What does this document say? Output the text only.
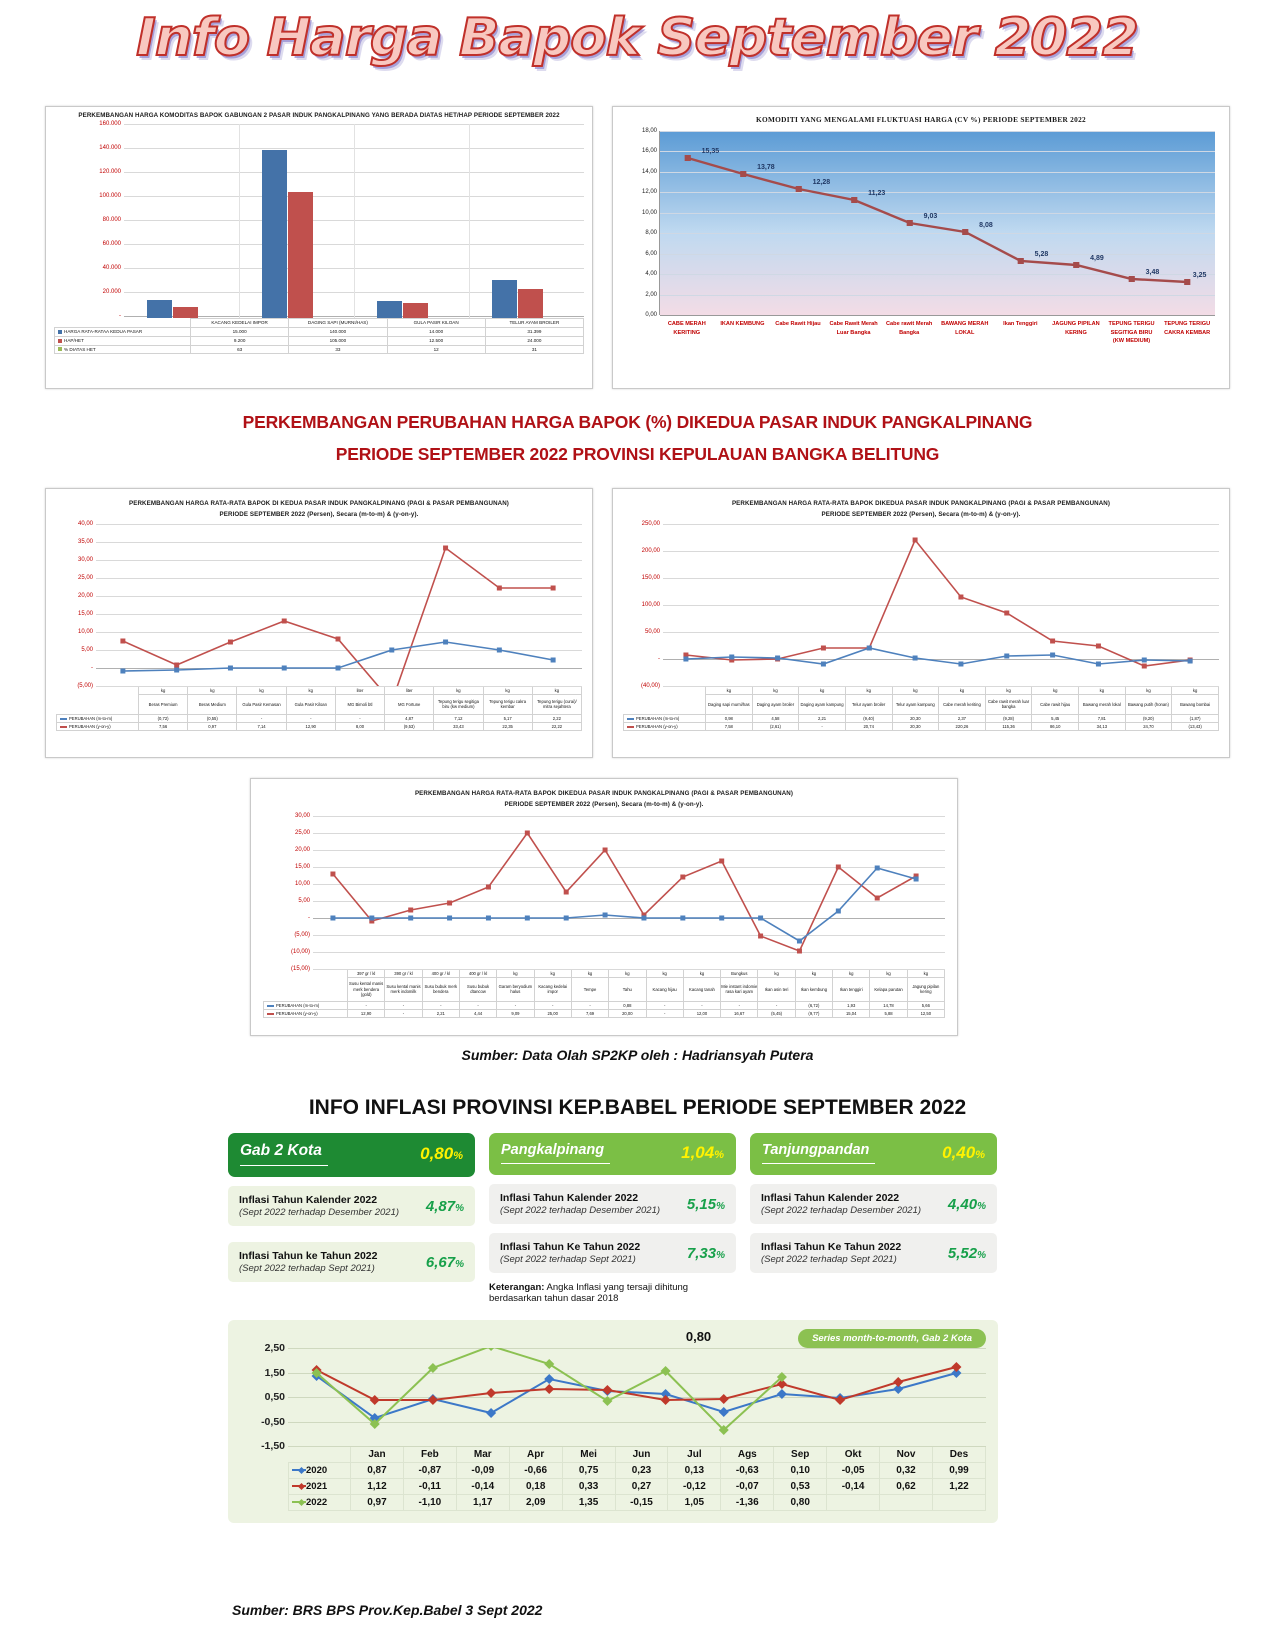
Info Harga Bapok September 2022
PERKEMBANGAN HARGA KOMODITAS BAPOK GABUNGAN 2 PASAR INDUK PANGKALPINANG YANG BERADA DIATAS HET/HAP PERIODE SEPTEMBER 2022
160.000
140.000
120.000
100.000
80.000
60.000
40.000
20.000
-
	KACANG KEDELAI IMPOR	DAGING SAPI (MURNI/HAS)	GULA PASIR KILOAN	TELUR AYAM BROILER
HARGA RATA-RATAA KEDUA PASAR	15.000	140.000	14.000	31.399
HAP/HET	9.200	105.000	12.500	24.000
% DIATAS HET	63	33	12	31
KOMODITI YANG MENGALAMI FLUKTUASI HARGA (CV %) PERIODE SEPTEMBER 2022
18,00
16,00
14,00
12,00
10,00
8,00
6,00
4,00
2,00
0,00
15,35
13,78
12,28
11,23
9,03
8,08
5,28
4,89
3,48	3,25
CABE MERAH KERITING
IKAN KEMBUNG	Cabe Rawit Hijau	Cabe Rawit Merah Luar Bangka
Cabe rawit Merah Bangka
BAWANG MERAH LOKAL
Ikan Tenggiri	JAGUNG PIPILAN KERING
TEPUNG TERIGU SEGITIGA BIRU (KW MEDIUM)
TEPUNG TERIGU CAKRA KEMBAR
PERKEMBANGAN PERUBAHAN HARGA BAPOK (%) DIKEDUA PASAR INDUK PANGKALPINANG
PERIODE SEPTEMBER 2022 PROVINSI KEPULAUAN BANGKA BELITUNG
PERKEMBANGAN HARGA RATA-RATA BAPOK DI KEDUA PASAR INDUK PANGKALPINANG (PAGI & PASAR PEMBANGUNAN)
PERIODE SEPTEMBER 2022 (Persen), Secara (m-to-m) & (y-on-y).
40,00
35,00
30,00
25,00
20,00
15,00
10,00
5,00
-
(5,00)
	kg	kg	kg	kg	liter	liter	kg	kg	kg
	Beras Premium	Beras Medium	Gula Pasir Kemasan	Gula Pasir Kiloan	MG Bimoli btl	MG Fortune	Tepung terigu segitiga biru (kw medium)	Tepung terigu cakra kembar	Tepung terigu (curai)/ mitra sejahtera
PERUBAHAN (m-to-m)	(0,72)	(0,55)	-	-	-	4,87	7,12	5,17	2,22
PERUBAHAN (y-on-y)	7,56	0,97	7,14	12,90	8,00	(9,53)	33,43	22,35	22,22
PERKEMBANGAN HARGA RATA-RATA BAPOK DIKEDUA PASAR INDUK PANGKALPINANG (PAGI & PASAR PEMBANGUNAN)
PERIODE SEPTEMBER 2022 (Persen), Secara (m-to-m) & (y-on-y).
250,00
200,00
150,00
100,00
50,00
-
(40,00)
	kg	kg	kg	kg	kg	kg	kg	kg	kg	kg	kg
	Daging sapi murni/has	Daging ayam broiler	Daging ayam kampung	Telur ayam broiler	Telur ayam kampung	Cabe merah keriting	Cabe rawit merah luar bangka	Cabe rawit hijau	Bawang merah lokal	Bawang putih (honan)	Bawang bombai
PERUBAHAN (m-to-m)	0,98	4,58	2,21	(9,40)	20,30	2,37	(9,28)	5,45	7,81	(9,20)	(1,87)
PERUBAHAN (y-on-y)	7,58	(2,61)	-	20,74	20,30	220,26	115,36	86,10	34,13	24,70	(13,43)
PERKEMBANGAN HARGA RATA-RATA BAPOK DIKEDUA PASAR INDUK PANGKALPINANG (PAGI & PASAR PEMBANGUNAN)
PERIODE SEPTEMBER 2022 (Persen), Secara (m-to-m) & (y-on-y).
30,00
25,00
20,00
15,00
10,00
5,00
-
(5,00)
(10,00)
(15,00)
	397 gr / kl	390 gr / kl	400 gr / kl	400 gr / kl	kg	kg	kg	kg	kg	kg	Bungkus	kg	kg	kg	kg	kg
	Susu kental manis merk bendera (gold)	Susu kental manis merk indomilk	Susu bubuk merk bendera	Susu bubuk dtancow	Garam beryodium halus	Kacang kedelai impor	Tempe	Tahu	Kacang hijau	Kacang tanah	Mie instant indomie rasa kari ayam	Ikan asin teri	Ikan kembung	Ikan tenggiri	Kelapa parutan	Jagung pipilan kering
PERUBAHAN (m-to-m)	-	-	-	-	-	-	-	0,88	-	-	-	-	(6,72)	1,93	14,78	5,66
PERUBAHAN (y-on-y)	12,90	-	2,21	4,44	9,09	25,00	7,69	20,00	-	12,00	16,67	(5,45)	(9,77)	15,04	5,88	12,50
Sumber: Data Olah SP2KP oleh : Hadriansyah Putera
INFO INFLASI PROVINSI KEP.BABEL PERIODE SEPTEMBER 2022
Gab 2 Kota	0,80%
Inflasi Tahun Kalender 2022
(Sept 2022 terhadap Desember 2021) 4,87%
Inflasi Tahun ke Tahun 2022
(Sept 2022 terhadap Sept 2021)	6,67%
Pangkalpinang	1,04%
Inflasi Tahun Kalender 2022
(Sept 2022 terhadap Desember 2021) 5,15%
Inflasi Tahun Ke Tahun 2022
(Sept 2022 terhadap Sept 2021)	7,33%
Keterangan: Angka Inflasi yang tersaji dihitung berdasarkan tahun dasar 2018
Tanjungpandan	0,40%
Inflasi Tahun Kalender 2022
(Sept 2022 terhadap Desember 2021) 4,40%
Inflasi Tahun Ke Tahun 2022
(Sept 2022 terhadap Sept 2021)	5,52%
Series month-to-month, Gab 2 Kota
2,50
1,50
0,50
-0,50
-1,50
0,80
	Jan	Feb	Mar	Apr	Mei	Jun	Jul	Ags	Sep	Okt	Nov	Des
2020	0,87	-0,87	-0,09	-0,66	0,75	0,23	0,13	-0,63	0,10	-0,05	0,32	0,99
2021	1,12	-0,11	-0,14	0,18	0,33	0,27	-0,12	-0,07	0,53	-0,14	0,62	1,22
2022	0,97	-1,10	1,17	2,09	1,35	-0,15	1,05	-1,36	0,80			
Sumber: BRS BPS Prov.Kep.Babel 3 Sept 2022
